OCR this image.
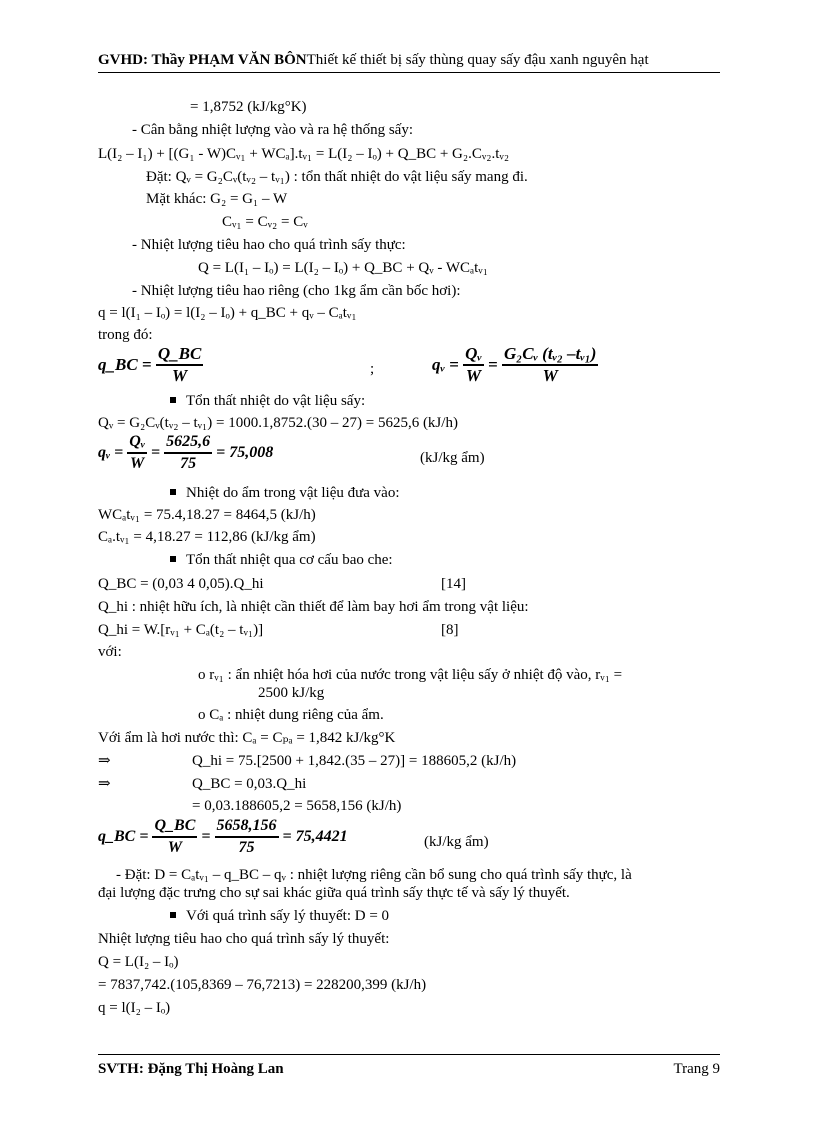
GVHD: Thầy PHẠM VĂN BÔNThiết kế thiết bị sấy thùng quay sấy đậu xanh nguyên hạt
= 1,8752 (kJ/kg°K)
- Cân bằng nhiệt lượng vào và ra hệ thống sấy:
L(I₂ – I₁) + [(G₁ - W)Cᵥ₁ + WCₐ].tᵥ₁ = L(I₂ – Iₒ) + Q_BC + G₂.Cᵥ₂.tᵥ₂
Đặt: Qᵥ = G₂Cᵥ(tᵥ₂ – tᵥ₁) : tổn thất nhiệt do vật liệu sấy mang đi.
Mặt khác: G₂ = G₁ – W
Cᵥ₁ = Cᵥ₂ = Cᵥ
- Nhiệt lượng tiêu hao cho quá trình sấy thực:
Q = L(I₁ – Iₒ) = L(I₂ – Iₒ) + Q_BC + Qᵥ - WCₐtᵥ₁
- Nhiệt lượng tiêu hao riêng (cho 1kg ẩm cần bốc hơi):
q = l(I₁ – Iₒ) = l(I₂ – Iₒ) + q_BC + qᵥ – Cₐtᵥ₁
trong đó:
q_BC = $\frac{Q\_BC}{W}$	;	qᵥ = $\frac{\text{Qᵥ}}{W} = \frac{\text{G₂Cᵥ (tᵥ₂ –tᵥ₁)}}{W}$
Tổn thất nhiệt do vật liệu sấy:
Qᵥ = G₂Cᵥ(tᵥ₂ – tᵥ₁) = 1000.1,8752.(30 – 27) = 5625,6 (kJ/h)
qᵥ = $\frac{\text{Qᵥ}}{W} = \frac{5625,6}{75} = 75,008$	(kJ/kg ẩm)
Nhiệt do ẩm trong vật liệu đưa vào:
WCₐtᵥ₁ = 75.4,18.27 = 8464,5 (kJ/h)
Cₐ.tᵥ₁ = 4,18.27 = 112,86 (kJ/kg ẩm)
Tổn thất nhiệt qua cơ cấu bao che:
Q_BC = (0,03 4 0,05).Q_hi	[14]
Q_hi : nhiệt hữu ích, là nhiệt cần thiết để làm bay hơi ẩm trong vật liệu:
Q_hi = W.[rᵥ₁ + Cₐ(t₂ – tᵥ₁)]	[8]
với:
o rᵥ₁ : ẩn nhiệt hóa hơi của nước trong vật liệu sấy ở nhiệt độ vào, rᵥ₁ =
2500 kJ/kg
o Cₐ : nhiệt dung riêng của ẩm.
Với ẩm là hơi nước thì: Cₐ = Cₚₐ = 1,842 kJ/kg°K
⇒	Q_hi = 75.[2500 + 1,842.(35 – 27)] = 188605,2 (kJ/h)
⇒	Q_BC = 0,03.Q_hi
= 0,03.188605,2 = 5658,156 (kJ/h)
q_BC = $\frac{Q\_BC}{W} = \frac{5658,156}{75} = 75,4421$	(kJ/kg ẩm)
- Đặt: D = Cₐtᵥ₁ – q_BC – qᵥ : nhiệt lượng riêng cần bổ sung cho quá trình sấy thực, là
đại lượng đặc trưng cho sự sai khác giữa quá trình sấy thực tế và sấy lý thuyết.
Với quá trình sấy lý thuyết: D = 0
Nhiệt lượng tiêu hao cho quá trình sấy lý thuyết:
Q = L(I₂ – Iₒ)
= 7837,742.(105,8369 – 76,7213) = 228200,399 (kJ/h)
q = l(I₂ – Iₒ)
SVTH: Đặng Thị Hoàng Lan	Trang 9
